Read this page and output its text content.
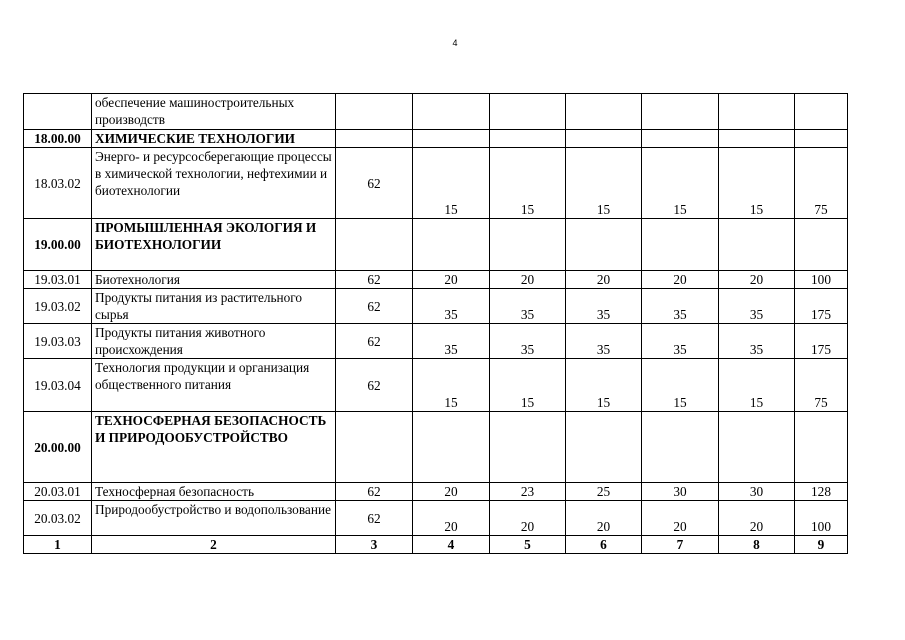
4
	обеспечение машиностроительных производств							
18.00.00	ХИМИЧЕСКИЕ ТЕХНОЛОГИИ							
18.03.02	Энерго- и ресурсосберегающие процессы в химической технологии, нефтехимии и биотехнологии	62	15	15	15	15	15	75
19.00.00	ПРОМЫШЛЕННАЯ ЭКОЛОГИЯ И БИОТЕХНОЛОГИИ							
19.03.01	Биотехнология	62	20	20	20	20	20	100
19.03.02	Продукты питания из растительного сырья	62	35	35	35	35	35	175
19.03.03	Продукты питания животного происхождения	62	35	35	35	35	35	175
19.03.04	Технология продукции и организация общественного питания	62	15	15	15	15	15	75
20.00.00	ТЕХНОСФЕРНАЯ БЕЗОПАСНОСТЬ И ПРИРОДООБУСТРОЙСТВО							
20.03.01	Техносферная безопасность	62	20	23	25	30	30	128
20.03.02	Природообустройство и водопользование	62	20	20	20	20	20	100
1	2	3	4	5	6	7	8	9
